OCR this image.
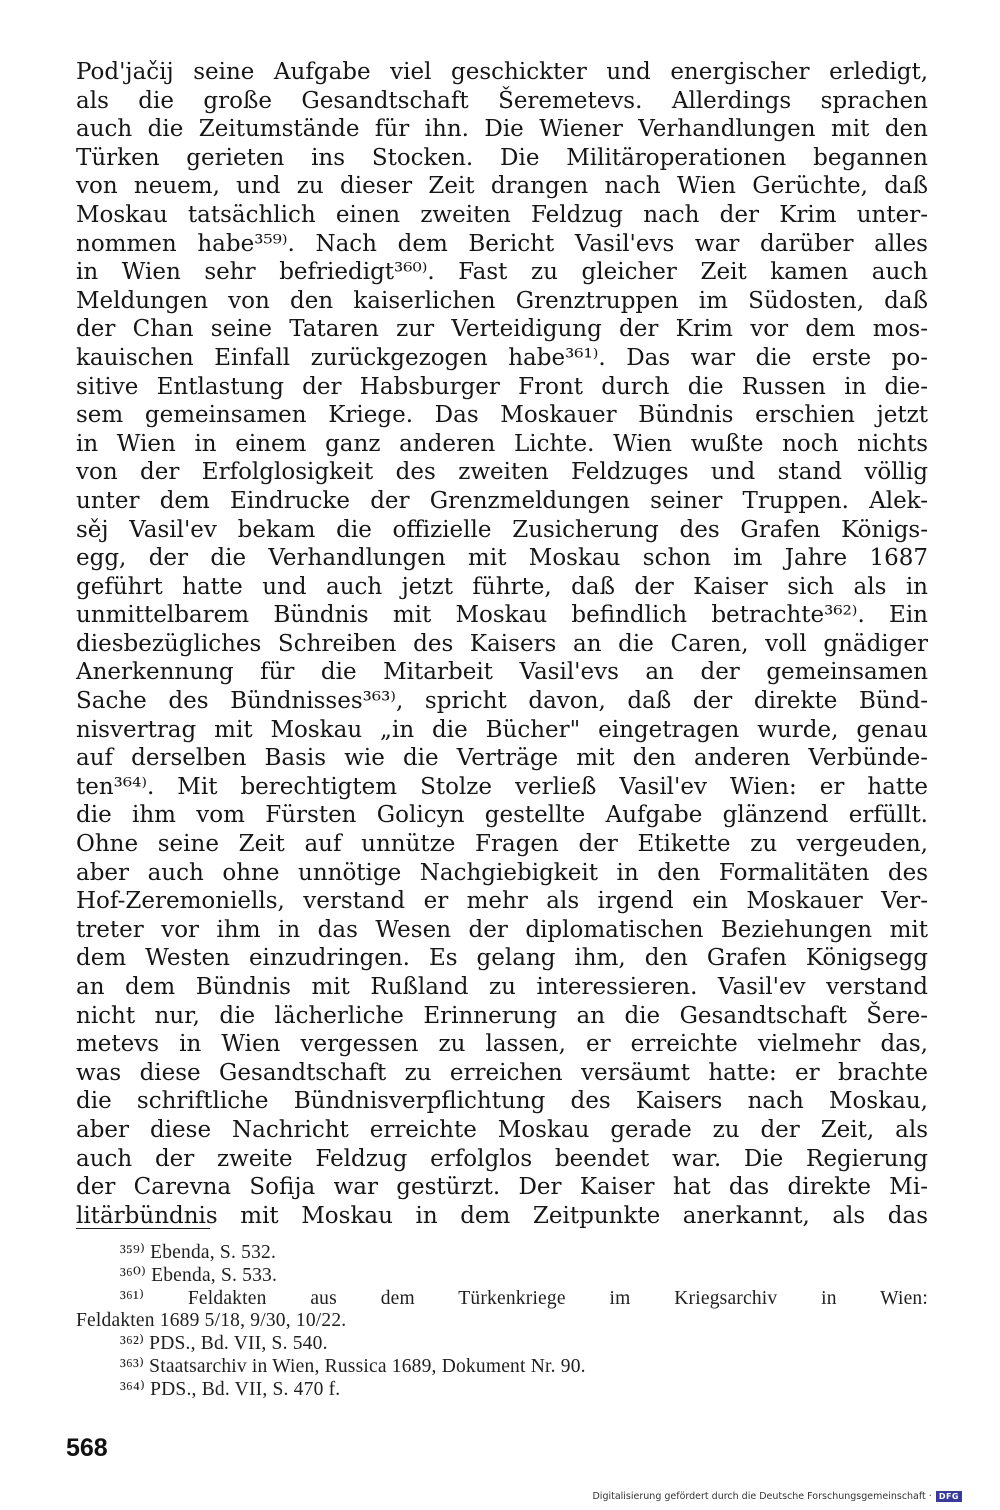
Pod'jačij seine Aufgabe viel geschickter und energischer erledigt,
als die große Gesandtschaft Šeremetevs. Allerdings sprachen
auch die Zeitumstände für ihn. Die Wiener Verhandlungen mit den
Türken gerieten ins Stocken. Die Militäroperationen begannen
von neuem, und zu dieser Zeit drangen nach Wien Gerüchte, daß
Moskau tatsächlich einen zweiten Feldzug nach der Krim unter-
nommen habe³⁵⁹⁾. Nach dem Bericht Vasil'evs war darüber alles
in Wien sehr befriedigt³⁶⁰⁾. Fast zu gleicher Zeit kamen auch
Meldungen von den kaiserlichen Grenztruppen im Südosten, daß
der Chan seine Tataren zur Verteidigung der Krim vor dem mos-
kauischen Einfall zurückgezogen habe³⁶¹⁾. Das war die erste po-
sitive Entlastung der Habsburger Front durch die Russen in die-
sem gemeinsamen Kriege. Das Moskauer Bündnis erschien jetzt
in Wien in einem ganz anderen Lichte. Wien wußte noch nichts
von der Erfolglosigkeit des zweiten Feldzuges und stand völlig
unter dem Eindrucke der Grenzmeldungen seiner Truppen. Alek-
sěj Vasil'ev bekam die offizielle Zusicherung des Grafen Königs-
egg, der die Verhandlungen mit Moskau schon im Jahre 1687
geführt hatte und auch jetzt führte, daß der Kaiser sich als in
unmittelbarem Bündnis mit Moskau befindlich betrachte³⁶²⁾. Ein
diesbezügliches Schreiben des Kaisers an die Caren, voll gnädiger
Anerkennung für die Mitarbeit Vasil'evs an der gemeinsamen
Sache des Bündnisses³⁶³⁾, spricht davon, daß der direkte Bünd-
nisvertrag mit Moskau „in die Bücher" eingetragen wurde, genau
auf derselben Basis wie die Verträge mit den anderen Verbünde-
ten³⁶⁴⁾. Mit berechtigtem Stolze verließ Vasil'ev Wien: er hatte
die ihm vom Fürsten Golicyn gestellte Aufgabe glänzend erfüllt.
Ohne seine Zeit auf unnütze Fragen der Etikette zu vergeuden,
aber auch ohne unnötige Nachgiebigkeit in den Formalitäten des
Hof-Zeremoniells, verstand er mehr als irgend ein Moskauer Ver-
treter vor ihm in das Wesen der diplomatischen Beziehungen mit
dem Westen einzudringen. Es gelang ihm, den Grafen Königsegg
an dem Bündnis mit Rußland zu interessieren. Vasil'ev verstand
nicht nur, die lächerliche Erinnerung an die Gesandtschaft Šere-
metevs in Wien vergessen zu lassen, er erreichte vielmehr das,
was diese Gesandtschaft zu erreichen versäumt hatte: er brachte
die schriftliche Bündnisverpflichtung des Kaisers nach Moskau,
aber diese Nachricht erreichte Moskau gerade zu der Zeit, als
auch der zweite Feldzug erfolglos beendet war. Die Regierung
der Carevna Sofija war gestürzt. Der Kaiser hat das direkte Mi-
litärbündnis mit Moskau in dem Zeitpunkte anerkannt, als das
³⁵⁹⁾ Ebenda, S. 532.
³⁶⁰⁾ Ebenda, S. 533.
³⁶¹⁾ Feldakten aus dem Türkenkriege im Kriegsarchiv in Wien:
Feldakten 1689 5/18, 9/30, 10/22.
³⁶²⁾ PDS., Bd. VII, S. 540.
³⁶³⁾ Staatsarchiv in Wien, Russica 1689, Dokument Nr. 90.
³⁶⁴⁾ PDS., Bd. VII, S. 470 f.
568
Digitalisierung gefördert durch die Deutsche Forschungsgemeinschaft · DFG
